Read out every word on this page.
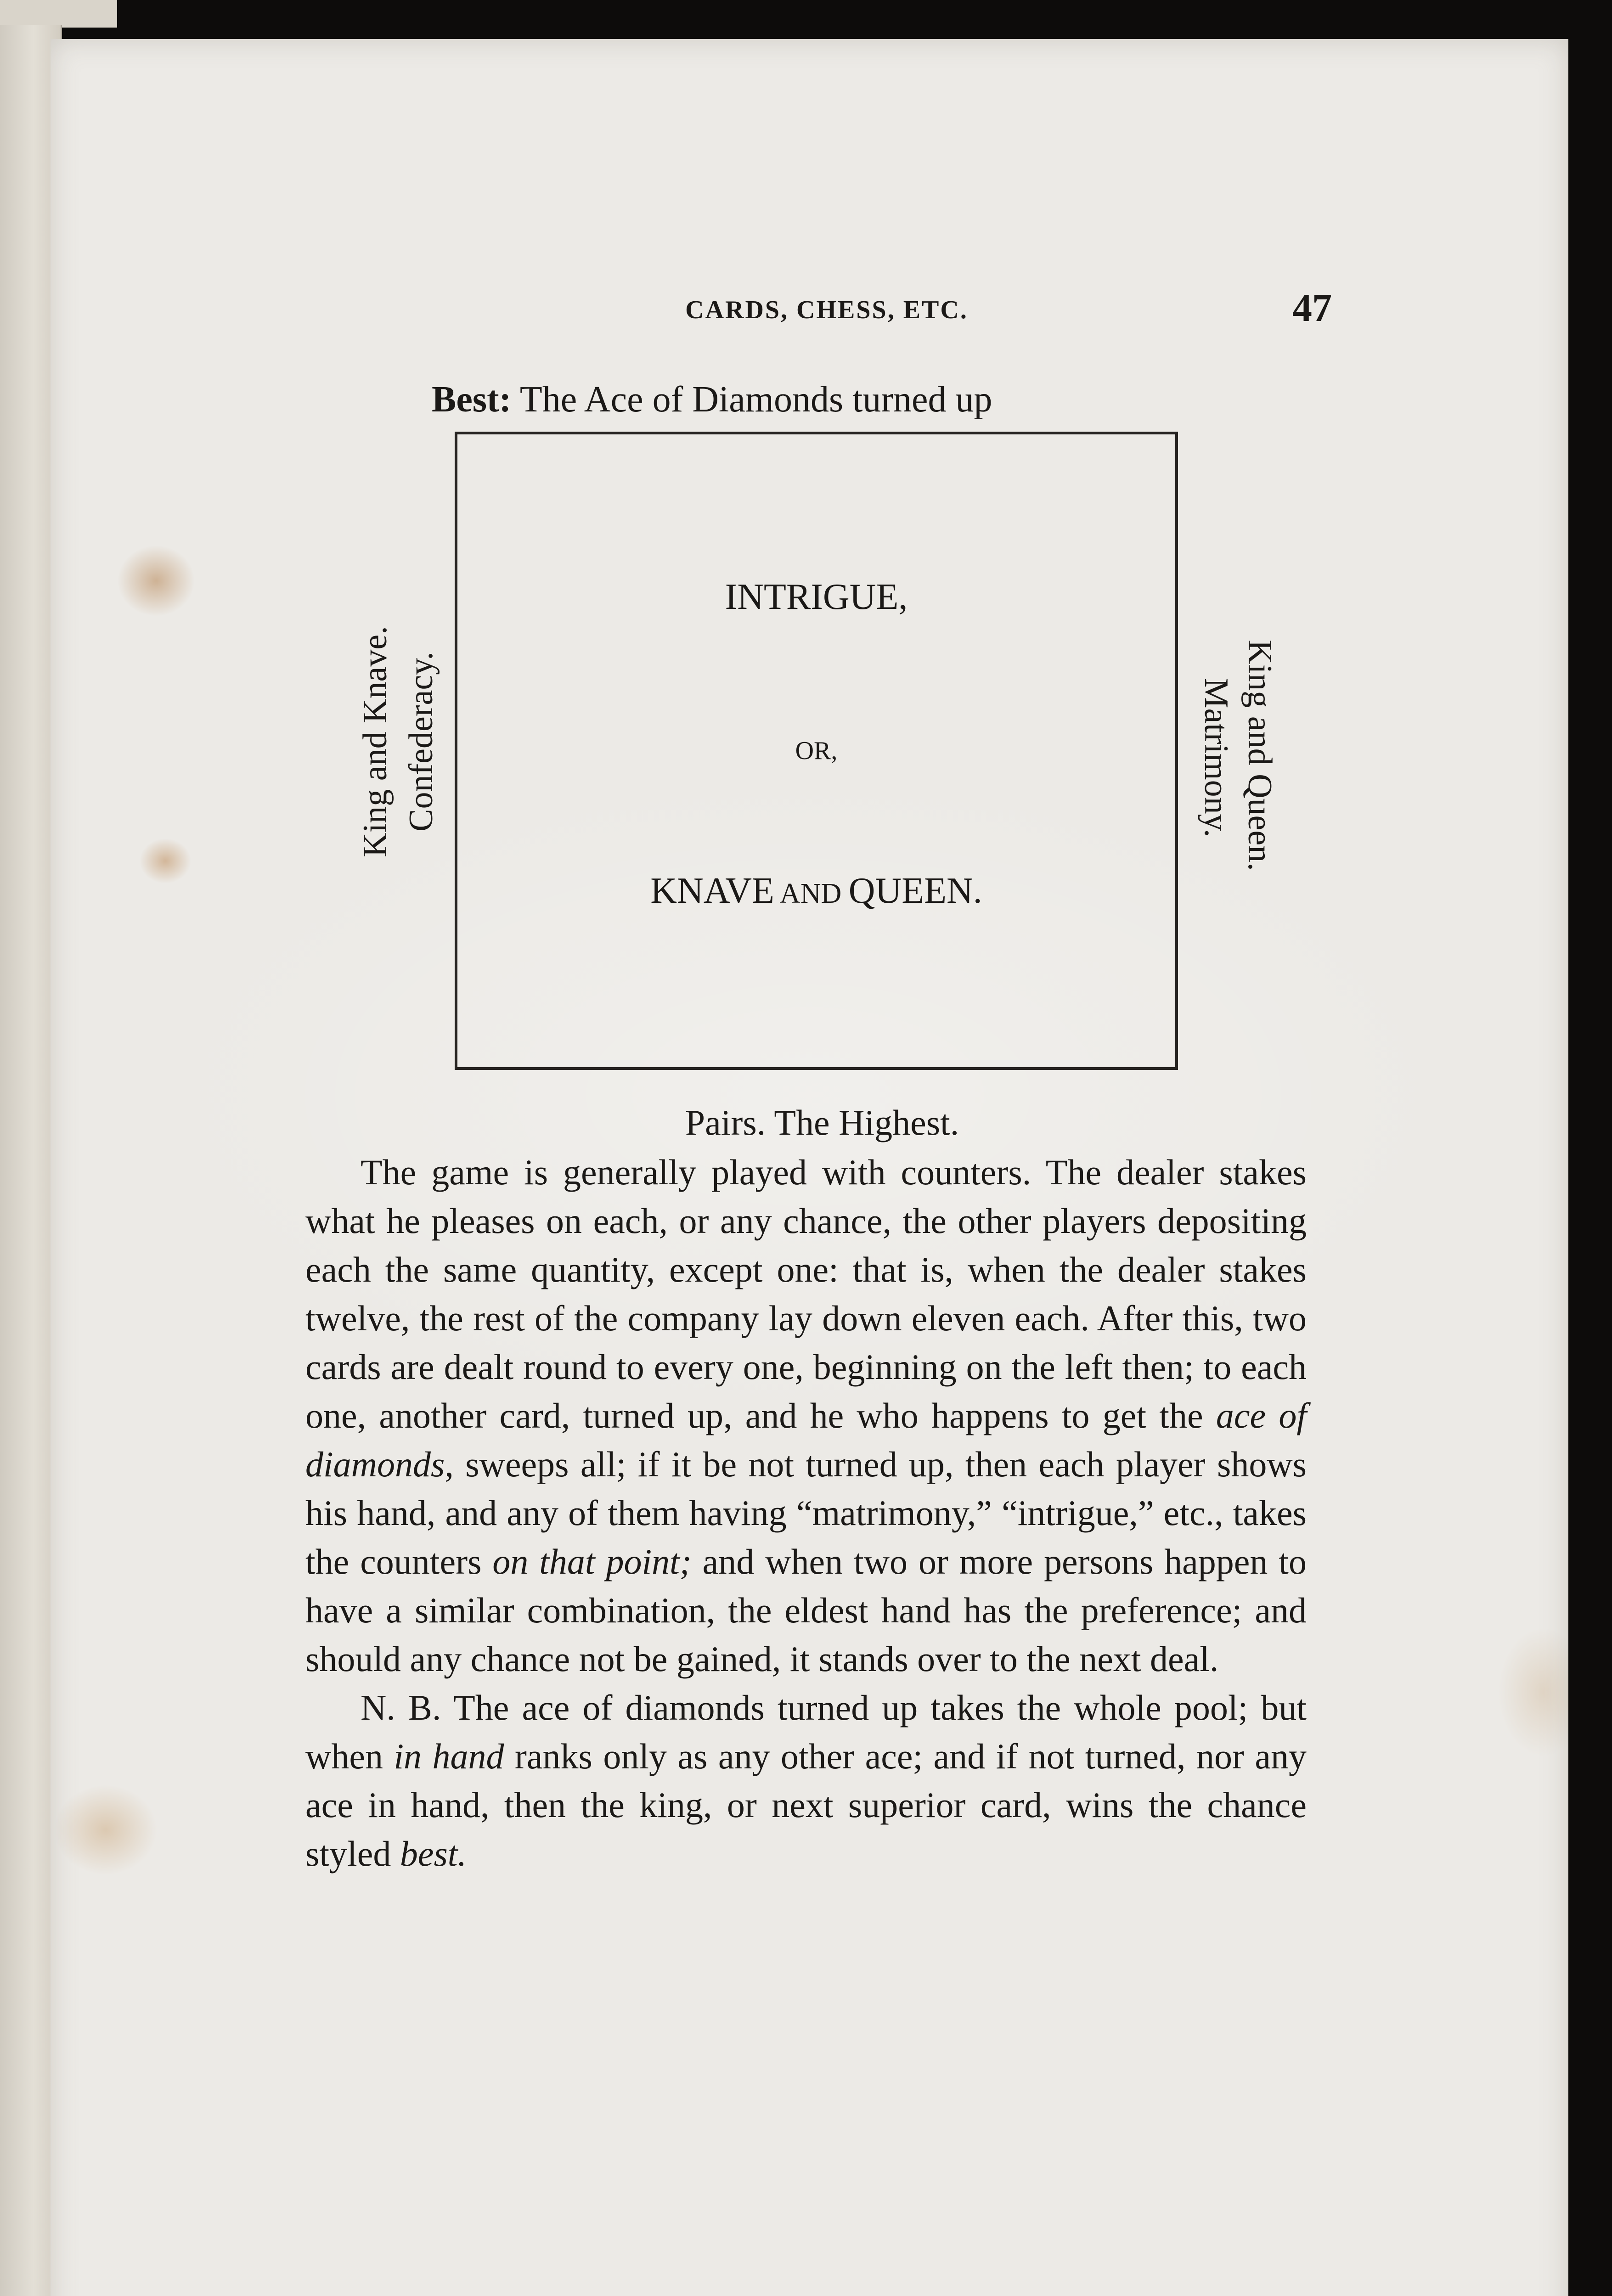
CARDS, CHESS, ETC.	47
Best: The Ace of Diamonds turned up
INTRIGUE,
OR,
KNAVE AND QUEEN.
King and Knave. Confederacy.	King and Queen.
Matrimony.
Pairs. The Highest.

The game is generally played with counters. The dealer stakes what he pleases on each, or any chance, the other players depositing each the same quantity, except one: that is, when the dealer stakes twelve, the rest of the company lay down eleven each. After this, two cards are dealt round to every one, beginning on the left then; to each one, another card, turned up, and he who happens to get the ace of diamonds, sweeps all; if it be not turned up, then each player shows his hand, and any of them having “matrimony,” “intrigue,” etc., takes the counters on that point; and when two or more persons happen to have a similar combination, the eldest hand has the preference; and should any chance not be gained, it stands over to the next deal.

N. B. The ace of diamonds turned up takes the whole pool; but when in hand ranks only as any other ace; and if not turned, nor any ace in hand, then the king, or next superior card, wins the chance styled best.
